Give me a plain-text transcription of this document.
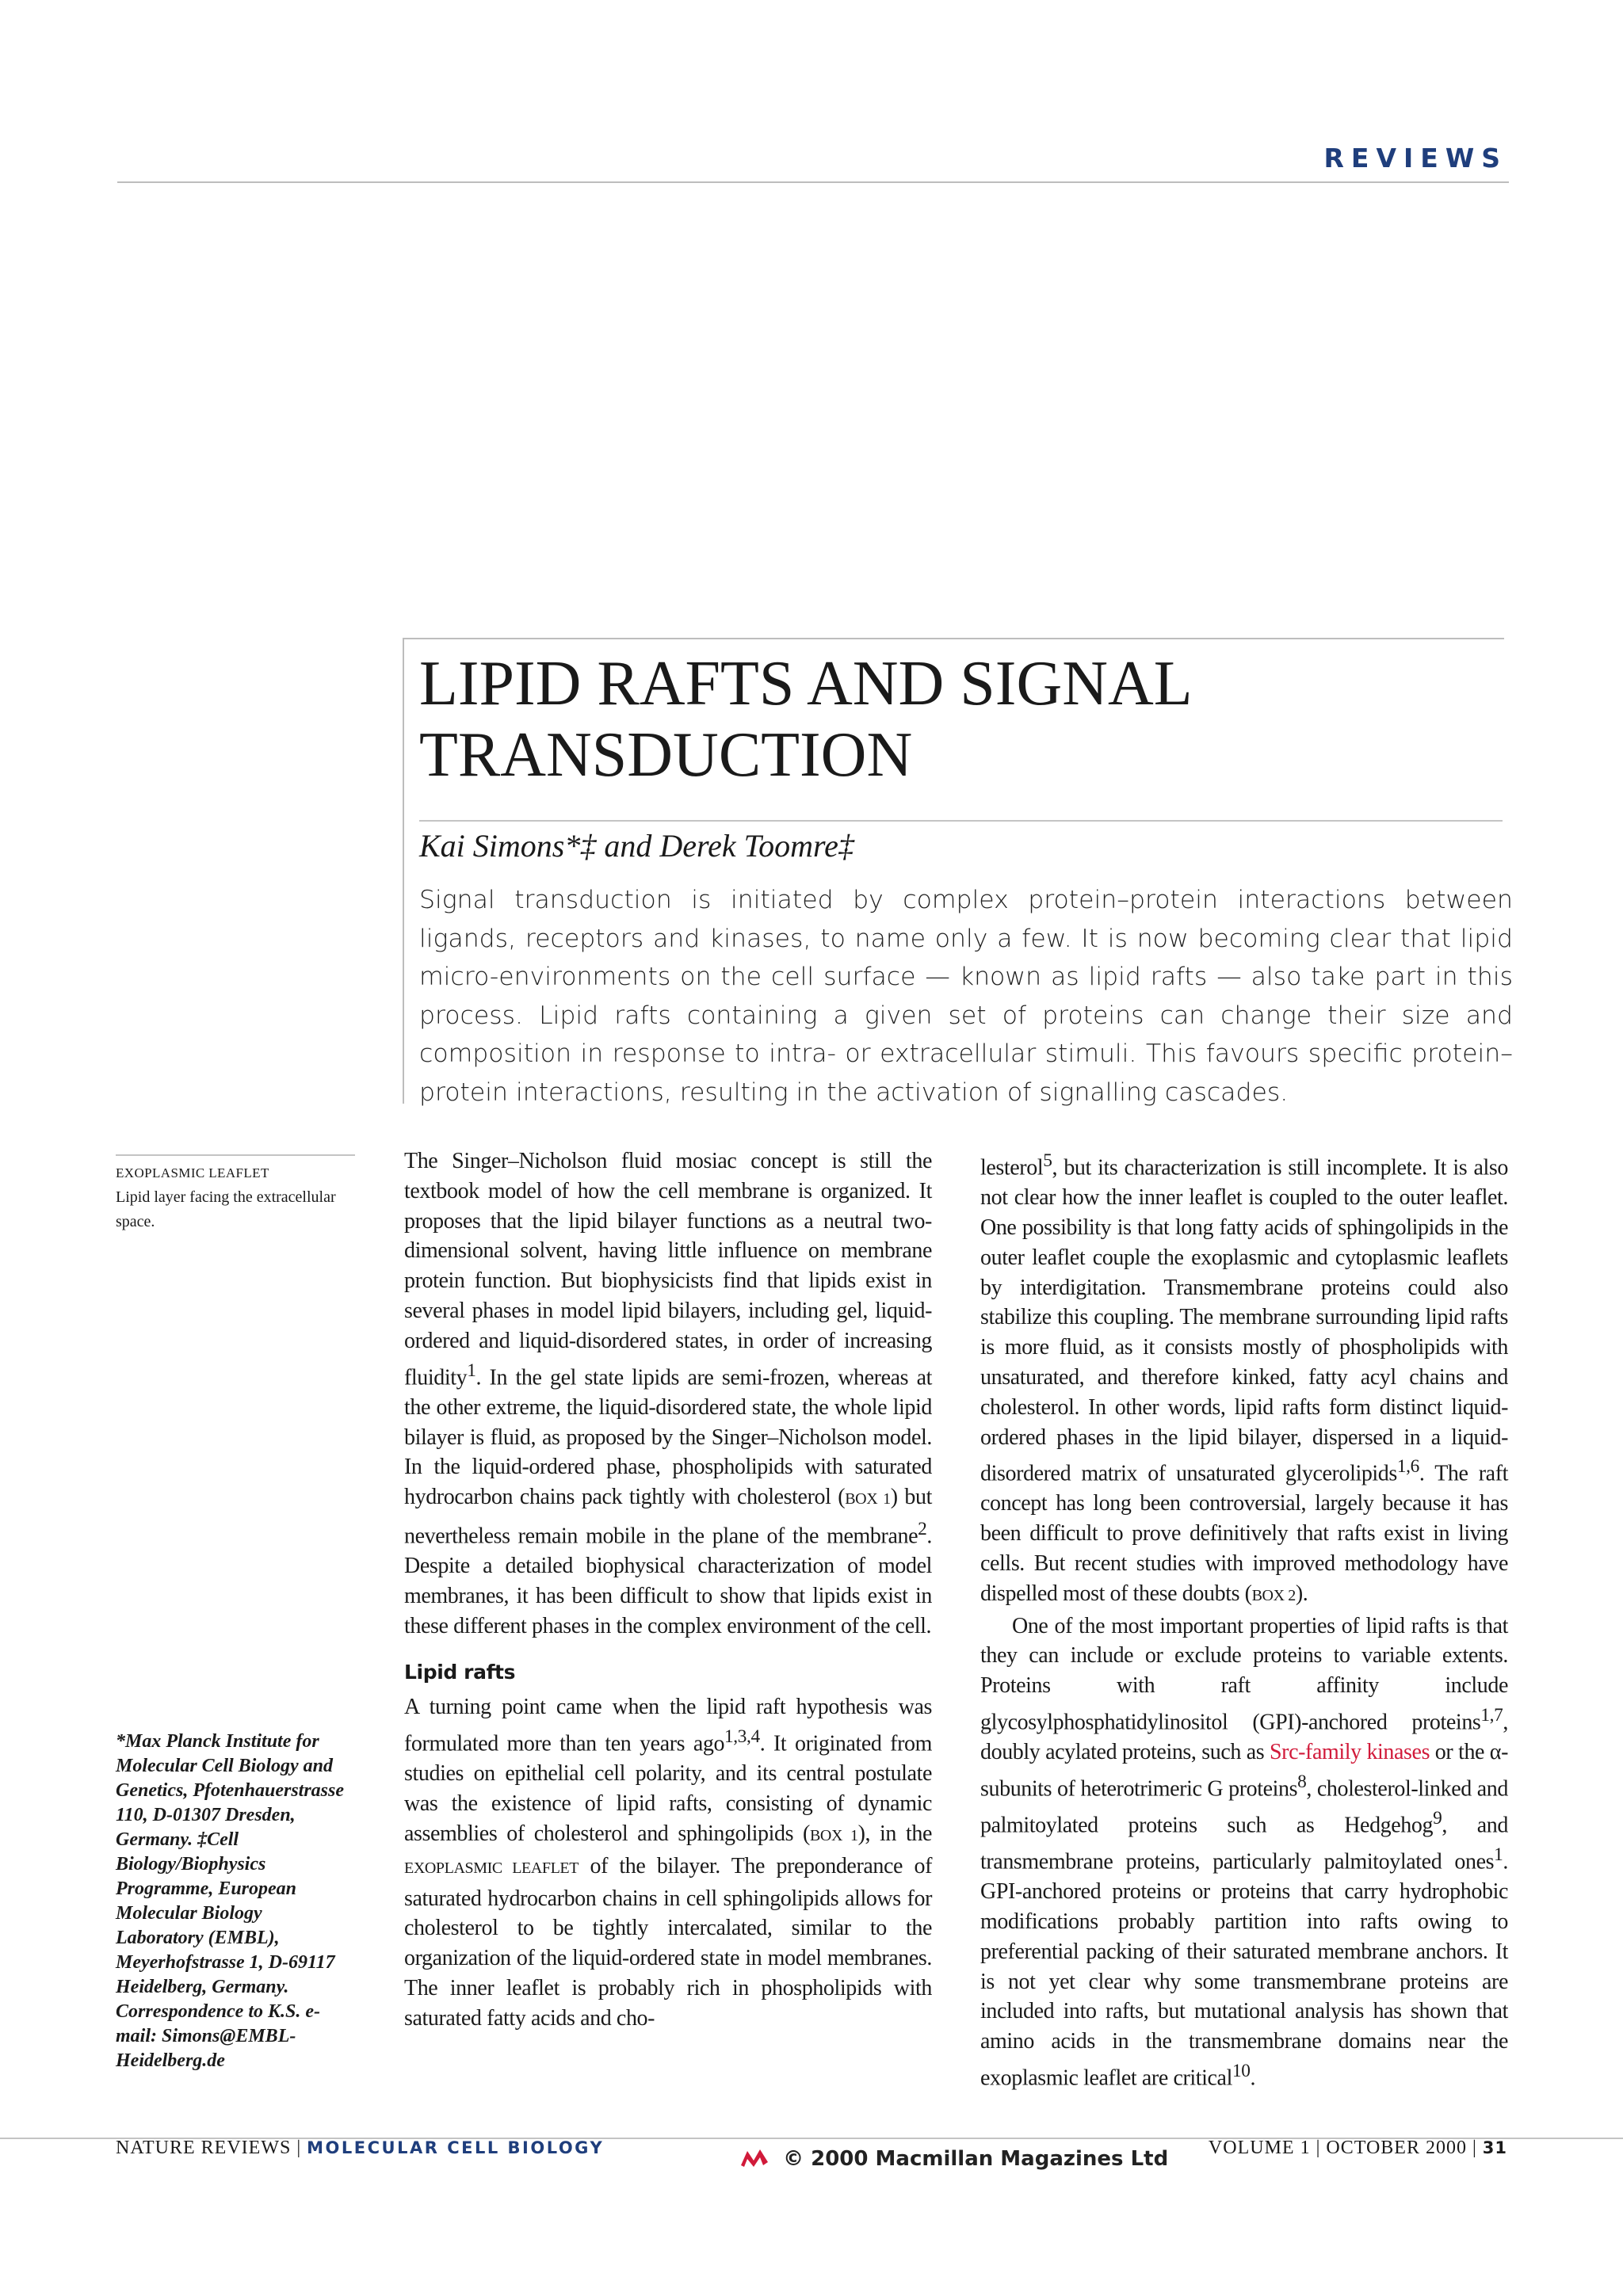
REVIEWS
LIPID RAFTS AND SIGNAL TRANSDUCTION
Kai Simons*‡ and Derek Toomre‡
Signal transduction is initiated by complex protein–protein interactions between ligands, receptors and kinases, to name only a few. It is now becoming clear that lipid micro-environments on the cell surface — known as lipid rafts — also take part in this process. Lipid rafts containing a given set of proteins can change their size and composition in response to intra- or extracellular stimuli. This favours specific protein–protein interactions, resulting in the activation of signalling cascades.
EXOPLASMIC LEAFLET
Lipid layer facing the extracellular space.
*Max Planck Institute for Molecular Cell Biology and Genetics, Pfotenhauerstrasse 110, D-01307 Dresden, Germany. ‡Cell Biology/Biophysics Programme, European Molecular Biology Laboratory (EMBL), Meyerhofstrasse 1, D-69117 Heidelberg, Germany. Correspondence to K.S. e-mail: Simons@EMBL-Heidelberg.de

The Singer–Nicholson fluid mosiac concept is still the textbook model of how the cell membrane is organized. It proposes that the lipid bilayer functions as a neutral two-dimensional solvent, having little influence on membrane protein function. But biophysicists find that lipids exist in several phases in model lipid bilayers, including gel, liquid-ordered and liquid-disordered states, in order of increasing fluidity$^1$. In the gel state lipids are semi-frozen, whereas at the other extreme, the liquid-disordered state, the whole lipid bilayer is fluid, as proposed by the Singer–Nicholson model. In the liquid-ordered phase, phospholipids with saturated hydrocarbon chains pack tightly with cholesterol (BOX 1) but nevertheless remain mobile in the plane of the membrane$^2$. Despite a detailed biophysical characterization of model membranes, it has been difficult to show that lipids exist in these different phases in the complex environment of the cell.

Lipid rafts

A turning point came when the lipid raft hypothesis was formulated more than ten years ago$^{1,3,4}$. It originated from studies on epithelial cell polarity, and its central postulate was the existence of lipid rafts, consisting of dynamic assemblies of cholesterol and sphingolipids (BOX 1), in the EXOPLASMIC LEAFLET of the bilayer. The preponderance of saturated hydrocarbon chains in cell sphingolipids allows for cholesterol to be tightly intercalated, similar to the organization of the liquid-ordered state in model membranes. The inner leaflet is probably rich in phospholipids with saturated fatty acids and cho-

lesterol$^5$, but its characterization is still incomplete. It is also not clear how the inner leaflet is coupled to the outer leaflet. One possibility is that long fatty acids of sphingolipids in the outer leaflet couple the exoplasmic and cytoplasmic leaflets by interdigitation. Transmembrane proteins could also stabilize this coupling. The membrane surrounding lipid rafts is more fluid, as it consists mostly of phospholipids with unsaturated, and therefore kinked, fatty acyl chains and cholesterol. In other words, lipid rafts form distinct liquid-ordered phases in the lipid bilayer, dispersed in a liquid-disordered matrix of unsaturated glycerolipids$^{1,6}$. The raft concept has long been controversial, largely because it has been difficult to prove definitively that rafts exist in living cells. But recent studies with improved methodology have dispelled most of these doubts (BOX 2).

One of the most important properties of lipid rafts is that they can include or exclude proteins to variable extents. Proteins with raft affinity include glycosylphosphatidylinositol (GPI)-anchored proteins$^{1,7}$, doubly acylated proteins, such as Src-family kinases or the α-subunits of heterotrimeric G proteins$^8$, cholesterol-linked and palmitoylated proteins such as Hedgehog$^9$, and transmembrane proteins, particularly palmitoylated ones$^1$. GPI-anchored proteins or proteins that carry hydrophobic modifications probably partition into rafts owing to preferential packing of their saturated membrane anchors. It is not yet clear why some transmembrane proteins are included into rafts, but mutational analysis has shown that amino acids in the transmembrane domains near the exoplasmic leaflet are critical$^{10}$.

NATURE REVIEWS | MOLECULAR CELL BIOLOGY	© 2000 Macmillan Magazines Ltd VOLUME 1 | OCTOBER 2000 | 31
